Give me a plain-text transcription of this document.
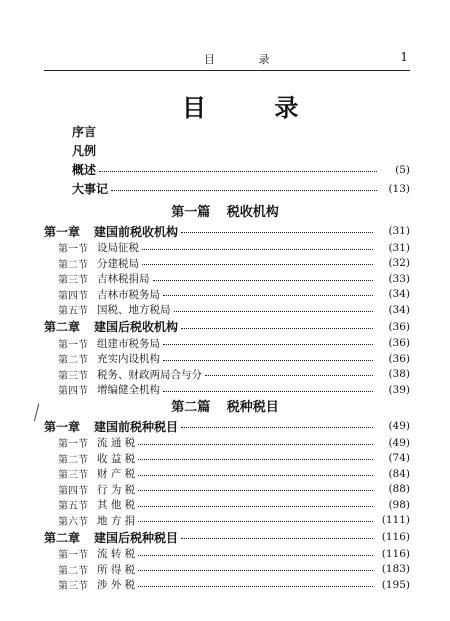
目 录	1
目 录
序言
凡例
概述	(5)
大事记	(13)
第一篇 税收机构
第一章	建国前税收机构	(31)
第一节 设局征税	(31)
第二节 分建税局	(32)
第三节 吉林税捐局	(33)
第四节 吉林市税务局	(34)
第五节 国税、地方税局	(34)
第二章	建国后税收机构	(36)
第一节 组建市税务局	(36)
第二节 充实内设机构	(36)
第三节 税务、财政两局合与分	(38)
第四节 增编健全机构	(39)
第二篇 税种税目
第一章	建国前税种税目	(49)
第一节 流 通 税	(49)
第二节 收 益 税	(74)
第三节 财 产 税	(84)
第四节 行 为 税	(88)
第五节 其 他 税	(98)
第六节 地 方 捐	(111)
第二章	建国后税种税目	(116)
第一节 流 转 税	(116)
第二节 所 得 税	(183)
第三节 涉 外 税	(195)
